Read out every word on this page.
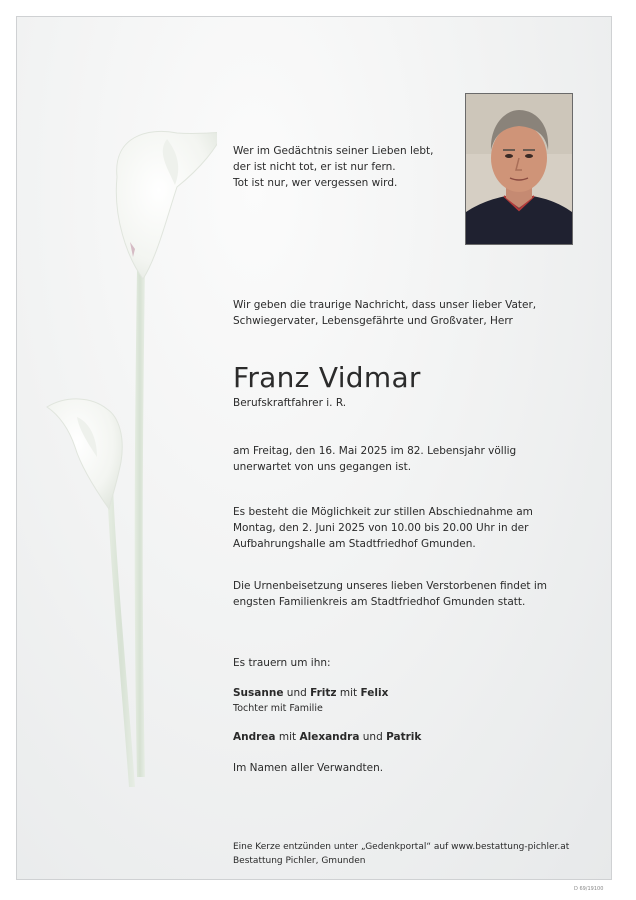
Wer im Gedächtnis seiner Lieben lebt,
der ist nicht tot, er ist nur fern.
Tot ist nur, wer vergessen wird.
Wir geben die traurige Nachricht, dass unser lieber Vater,
Schwiegervater, Lebensgefährte und Großvater, Herr
Franz Vidmar
Berufskraftfahrer i. R.
am Freitag, den 16. Mai 2025 im 82. Lebensjahr völlig
unerwartet von uns gegangen ist.
Es besteht die Möglichkeit zur stillen Abschiednahme am
Montag, den 2. Juni 2025 von 10.00 bis 20.00 Uhr in der
Aufbahrungshalle am Stadtfriedhof Gmunden.
Die Urnenbeisetzung unseres lieben Verstorbenen findet im
engsten Familienkreis am Stadtfriedhof Gmunden statt.
Es trauern um ihn:
Susanne und Fritz mit Felix
Tochter mit Familie
Andrea mit Alexandra und Patrik
Im Namen aller Verwandten.
Eine Kerze entzünden unter „Gedenkportal“ auf www.bestattung-pichler.at
Bestattung Pichler, Gmunden
D 69/19100
